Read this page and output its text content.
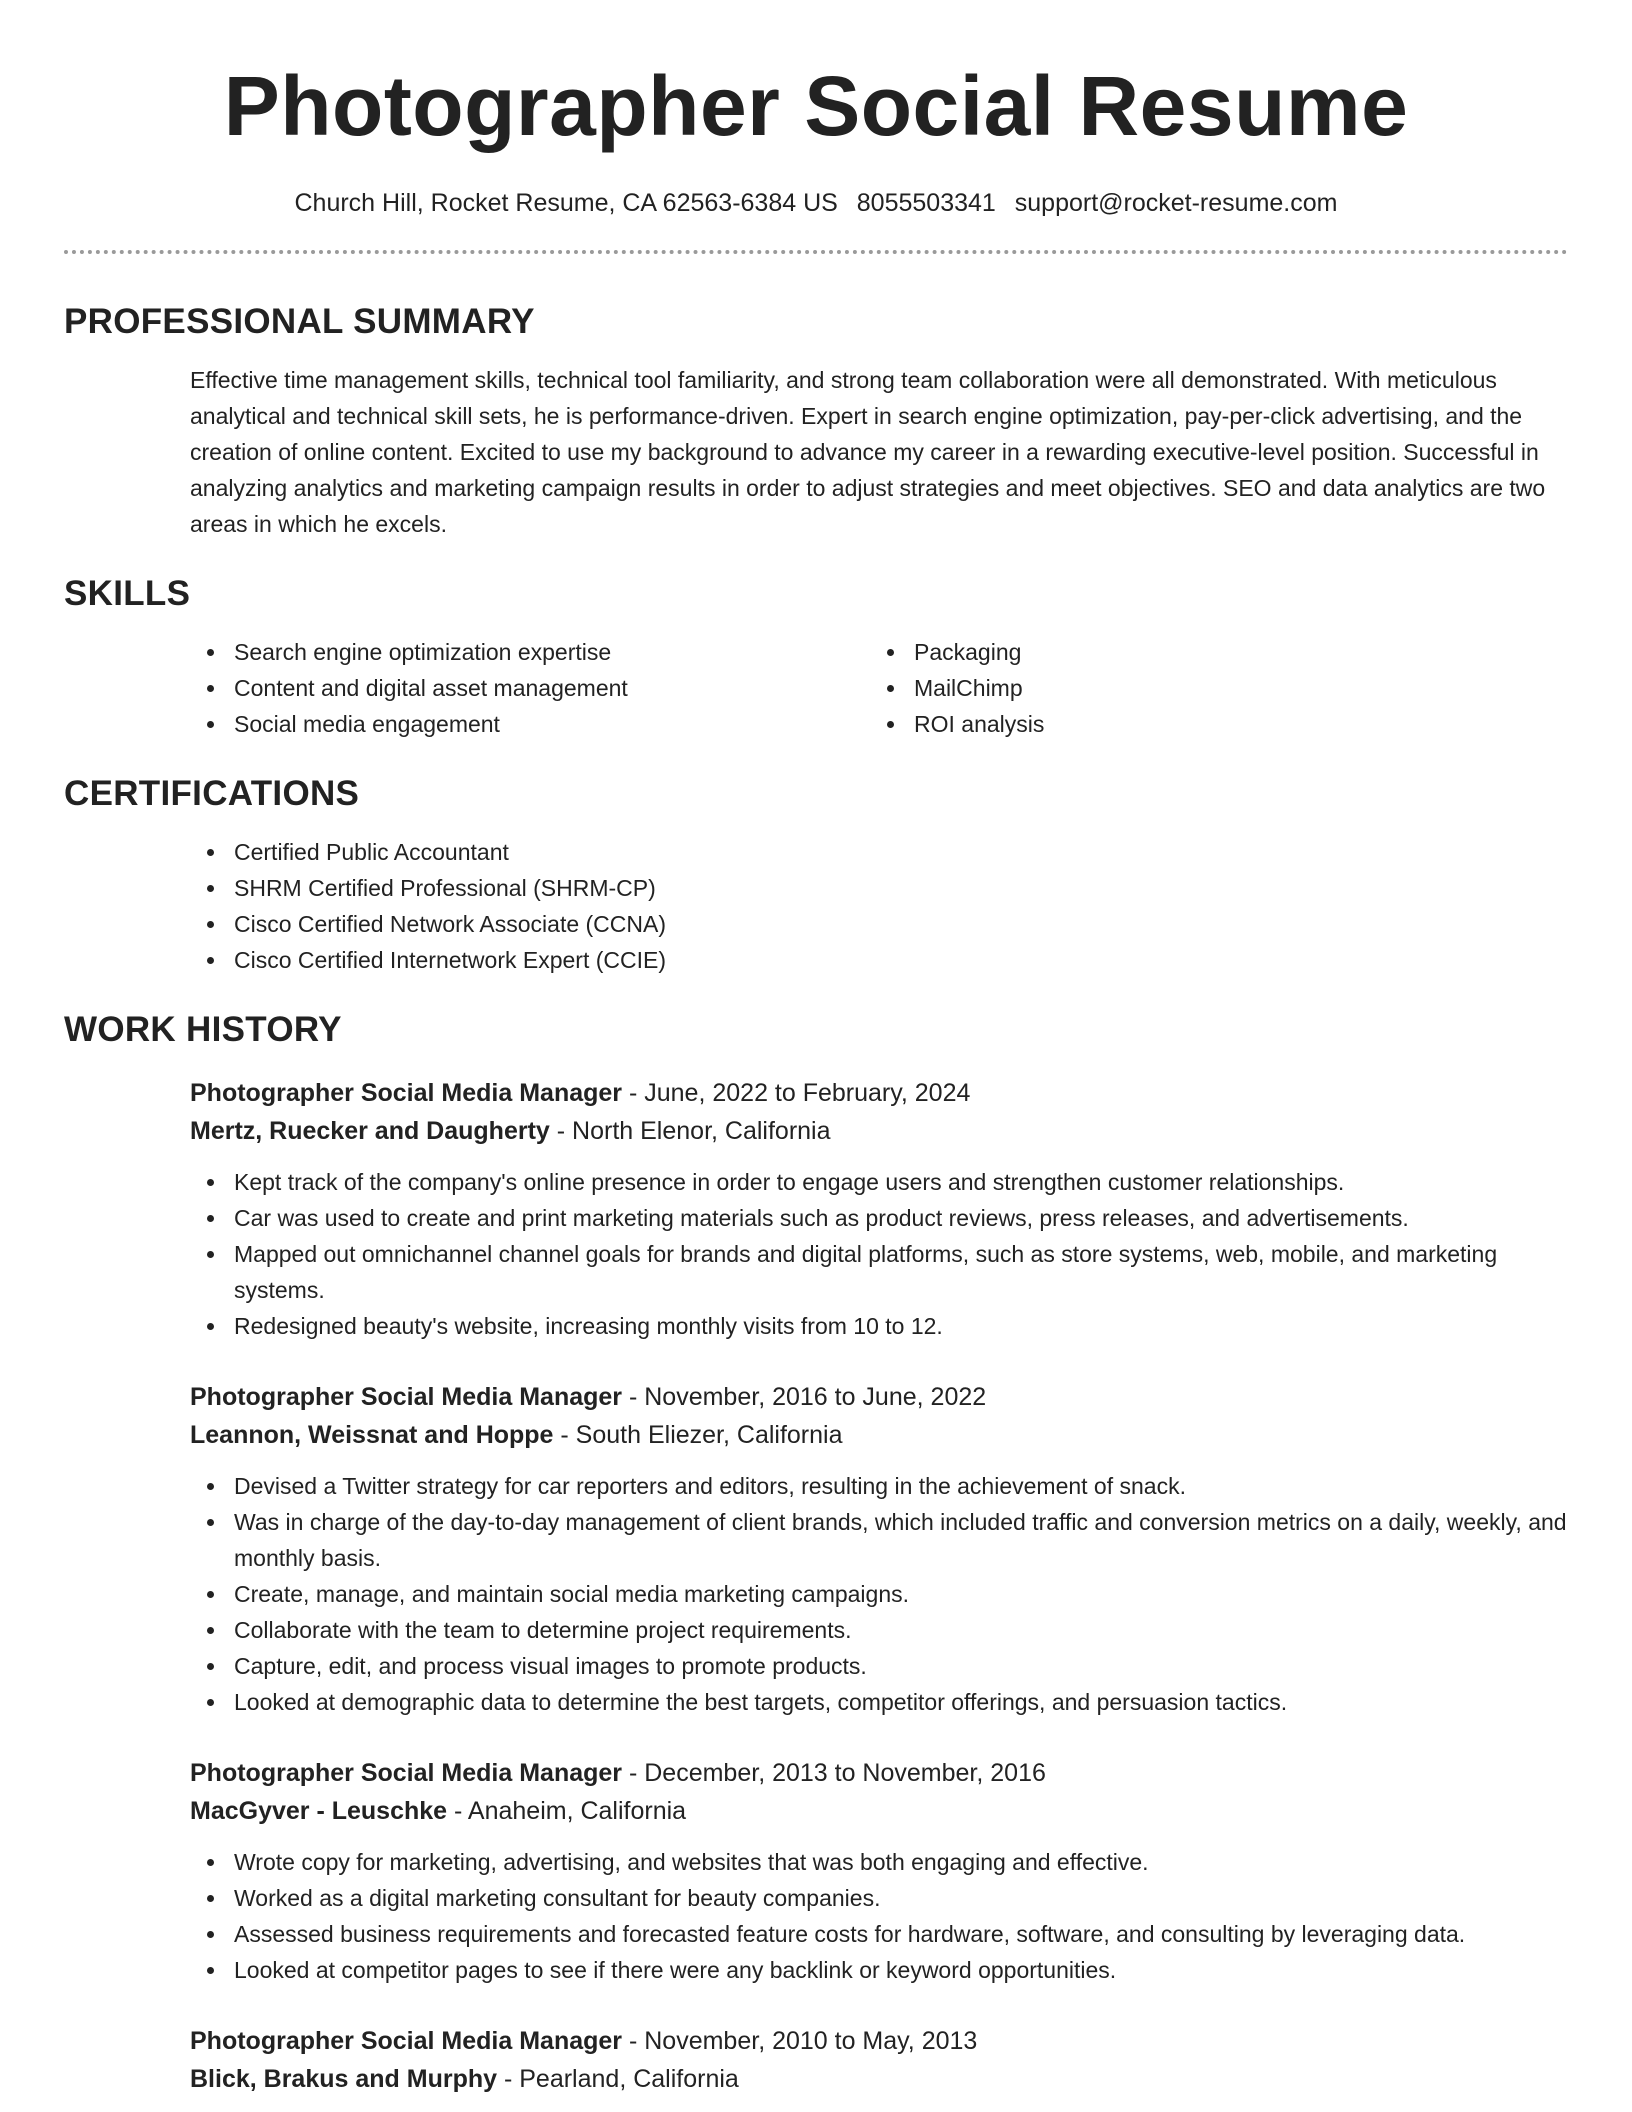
Photographer Social Resume
Church Hill, Rocket Resume, CA 62563-6384 US 8055503341 support@rocket-resume.com
PROFESSIONAL SUMMARY
Effective time management skills, technical tool familiarity, and strong team collaboration were all demonstrated. With meticulous analytical and technical skill sets, he is performance-driven. Expert in search engine optimization, pay-per-click advertising, and the creation of online content. Excited to use my background to advance my career in a rewarding executive-level position. Successful in analyzing analytics and marketing campaign results in order to adjust strategies and meet objectives. SEO and data analytics are two areas in which he excels.
SKILLS
Search engine optimization expertise
Content and digital asset management
Social media engagement
Packaging
MailChimp
ROI analysis
CERTIFICATIONS
Certified Public Accountant
SHRM Certified Professional (SHRM-CP)
Cisco Certified Network Associate (CCNA)
Cisco Certified Internetwork Expert (CCIE)
WORK HISTORY
Photographer Social Media Manager - June, 2022 to February, 2024
Mertz, Ruecker and Daugherty - North Elenor, California
Kept track of the company's online presence in order to engage users and strengthen customer relationships.
Car was used to create and print marketing materials such as product reviews, press releases, and advertisements.
Mapped out omnichannel channel goals for brands and digital platforms, such as store systems, web, mobile, and marketing systems.
Redesigned beauty's website, increasing monthly visits from 10 to 12.
Photographer Social Media Manager - November, 2016 to June, 2022
Leannon, Weissnat and Hoppe - South Eliezer, California
Devised a Twitter strategy for car reporters and editors, resulting in the achievement of snack.
Was in charge of the day-to-day management of client brands, which included traffic and conversion metrics on a daily, weekly, and monthly basis.
Create, manage, and maintain social media marketing campaigns.
Collaborate with the team to determine project requirements.
Capture, edit, and process visual images to promote products.
Looked at demographic data to determine the best targets, competitor offerings, and persuasion tactics.
Photographer Social Media Manager - December, 2013 to November, 2016
MacGyver - Leuschke - Anaheim, California
Wrote copy for marketing, advertising, and websites that was both engaging and effective.
Worked as a digital marketing consultant for beauty companies.
Assessed business requirements and forecasted feature costs for hardware, software, and consulting by leveraging data.
Looked at competitor pages to see if there were any backlink or keyword opportunities.
Photographer Social Media Manager - November, 2010 to May, 2013
Blick, Brakus and Murphy - Pearland, California
